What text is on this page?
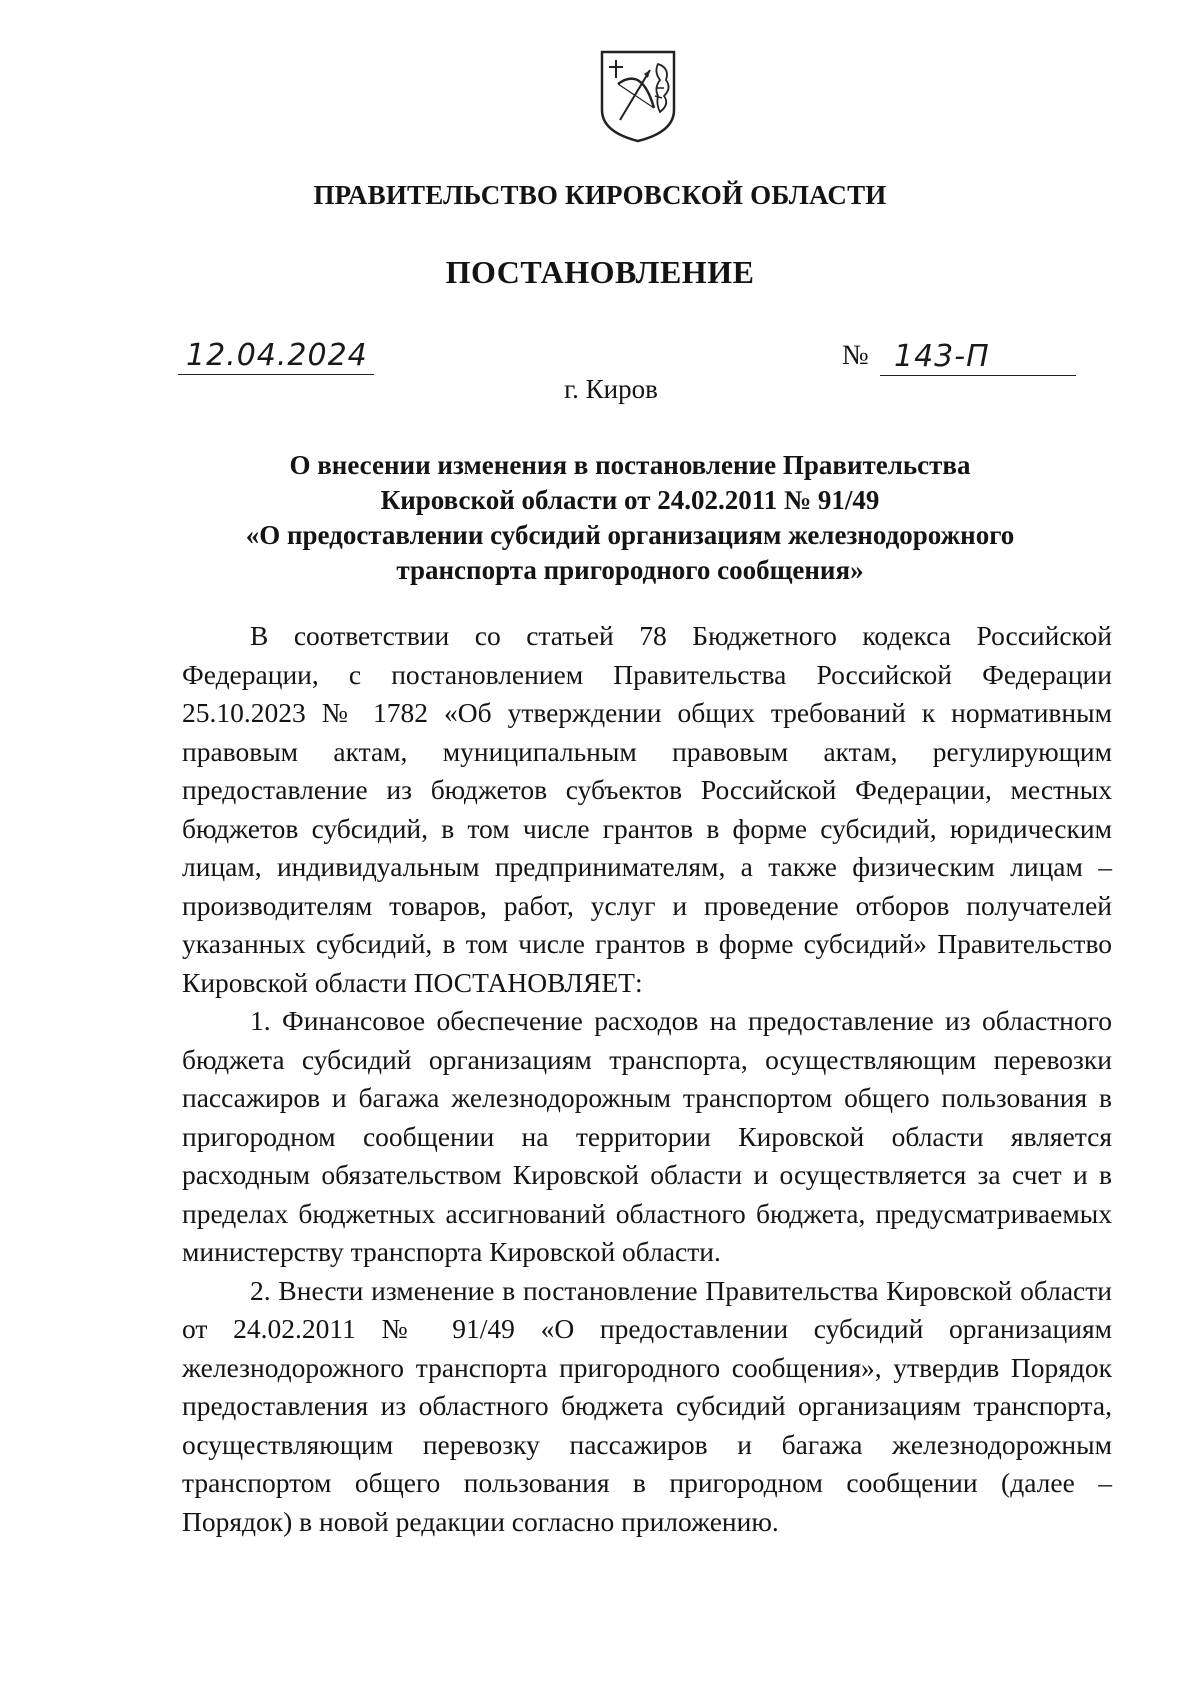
ПРАВИТЕЛЬСТВО КИРОВСКОЙ ОБЛАСТИ
ПОСТАНОВЛЕНИЕ
12.04.2024	№ 143-П
г. Киров
О внесении изменения в постановление Правительства
Кировской области от 24.02.2011 № 91/49
«О предоставлении субсидий организациям железнодорожного
транспорта пригородного сообщения»

В соответствии со статьей 78 Бюджетного кодекса Российской Федерации, с постановлением Правительства Российской Федерации 25.10.2023 № 1782 «Об утверждении общих требований к нормативным правовым актам, муниципальным правовым актам, регулирующим предоставление из бюджетов субъектов Российской Федерации, местных бюджетов субсидий, в том числе грантов в форме субсидий, юридическим лицам, индивидуальным предпринимателям, а также физическим лицам – производителям товаров, работ, услуг и проведение отборов получателей указанных субсидий, в том числе грантов в форме субсидий» Правительство Кировской области ПОСТАНОВЛЯЕТ:

1. Финансовое обеспечение расходов на предоставление из областного бюджета субсидий организациям транспорта, осуществляющим перевозки пассажиров и багажа железнодорожным транспортом общего пользования в пригородном сообщении на территории Кировской области является расходным обязательством Кировской области и осуществляется за счет и в пределах бюджетных ассигнований областного бюджета, предусматриваемых министерству транспорта Кировской области.

2. Внести изменение в постановление Правительства Кировской области от 24.02.2011 № 91/49 «О предоставлении субсидий организациям железнодорожного транспорта пригородного сообщения», утвердив Порядок предоставления из областного бюджета субсидий организациям транспорта, осуществляющим перевозку пассажиров и багажа железнодорожным транспортом общего пользования в пригородном сообщении (далее – Порядок) в новой редакции согласно приложению.
